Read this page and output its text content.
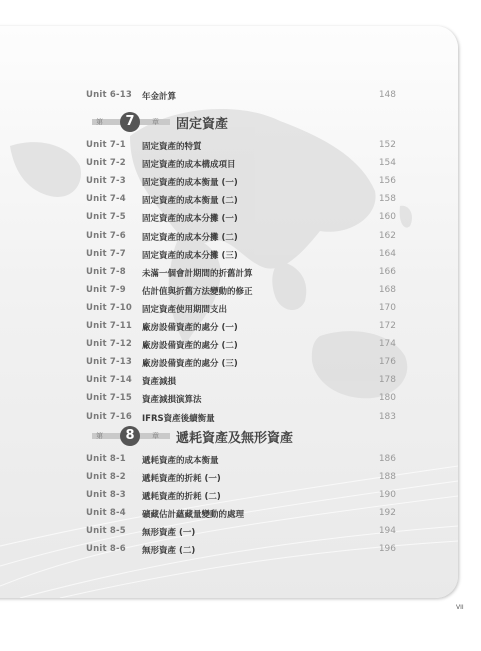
Unit 6-13 年金計算	148
第	7	章 固定資產
Unit 7-1 固定資產的特質	152
Unit 7-2 固定資產的成本構成項目	154
Unit 7-3 固定資產的成本衡量 (一)	156
Unit 7-4 固定資產的成本衡量 (二)	158
Unit 7-5 固定資產的成本分攤 (一)	160
Unit 7-6 固定資產的成本分攤 (二)	162
Unit 7-7 固定資產的成本分攤 (三)	164
Unit 7-8 未滿一個會計期間的折舊計算	166
Unit 7-9 估計值與折舊方法變動的修正	168
Unit 7-10 固定資產使用期間支出	170
Unit 7-11 廠房設備資產的處分 (一)	172
Unit 7-12 廠房設備資產的處分 (二)	174
Unit 7-13 廠房設備資產的處分 (三)	176
Unit 7-14 資產減損	178
Unit 7-15 資產減損演算法	180
Unit 7-16 IFRS資產後續衡量	183
第	8	章 遞耗資產及無形資產
Unit 8-1 遞耗資產的成本衡量	186
Unit 8-2 遞耗資產的折耗 (一)	188
Unit 8-3 遞耗資產的折耗 (二)	190
Unit 8-4 礦藏估計蘊藏量變動的處理	192
Unit 8-5 無形資產 (一)	194
Unit 8-6 無形資產 (二)	196
VII
